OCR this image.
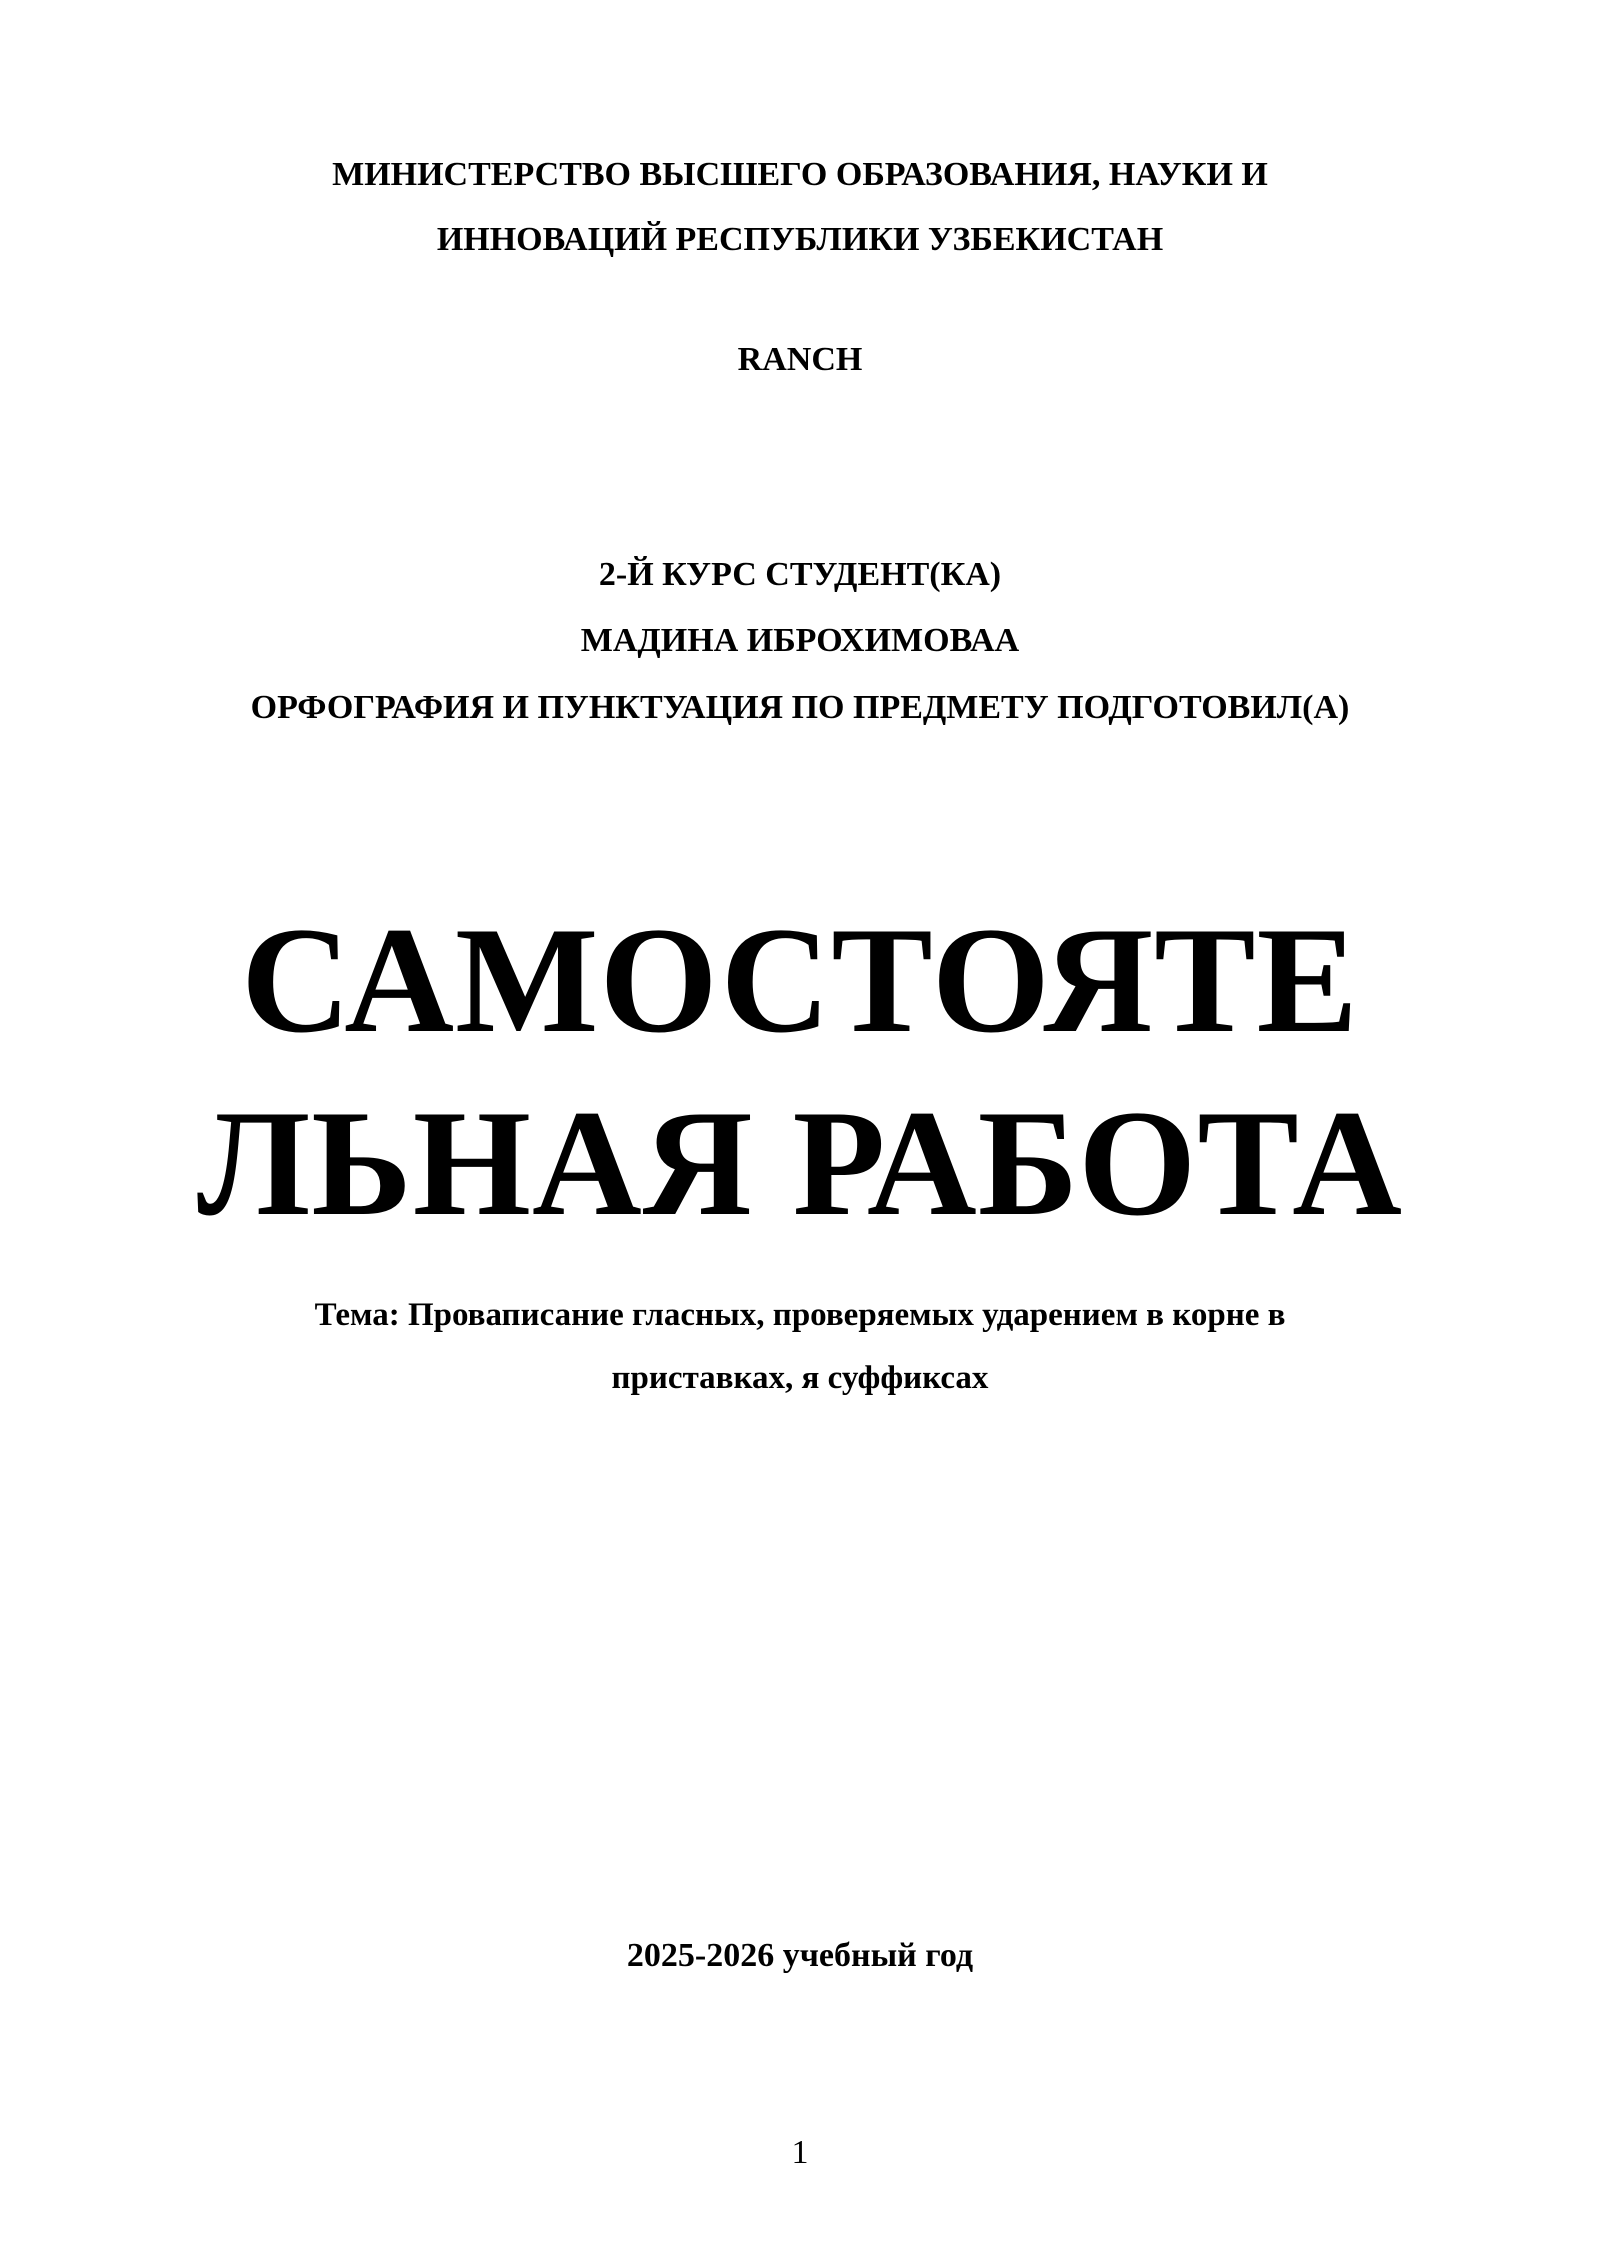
МИНИСТЕРСТВО ВЫСШЕГО ОБРАЗОВАНИЯ, НАУКИ И
ИННОВАЦИЙ РЕСПУБЛИКИ УЗБЕКИСТАН
RANCH
2-Й КУРС СТУДЕНТ(КА)
МАДИНА ИБРОХИМОВАА
ОРФОГРАФИЯ И ПУНКТУАЦИЯ ПО ПРЕДМЕТУ ПОДГОТОВИЛ(А)
САМОСТОЯТЕ
ЛЬНАЯ РАБОТА
Тема: Проваписание гласных, проверяемых ударением в корне в
приставках, я суффиксах
2025-2026 учебный год
1
